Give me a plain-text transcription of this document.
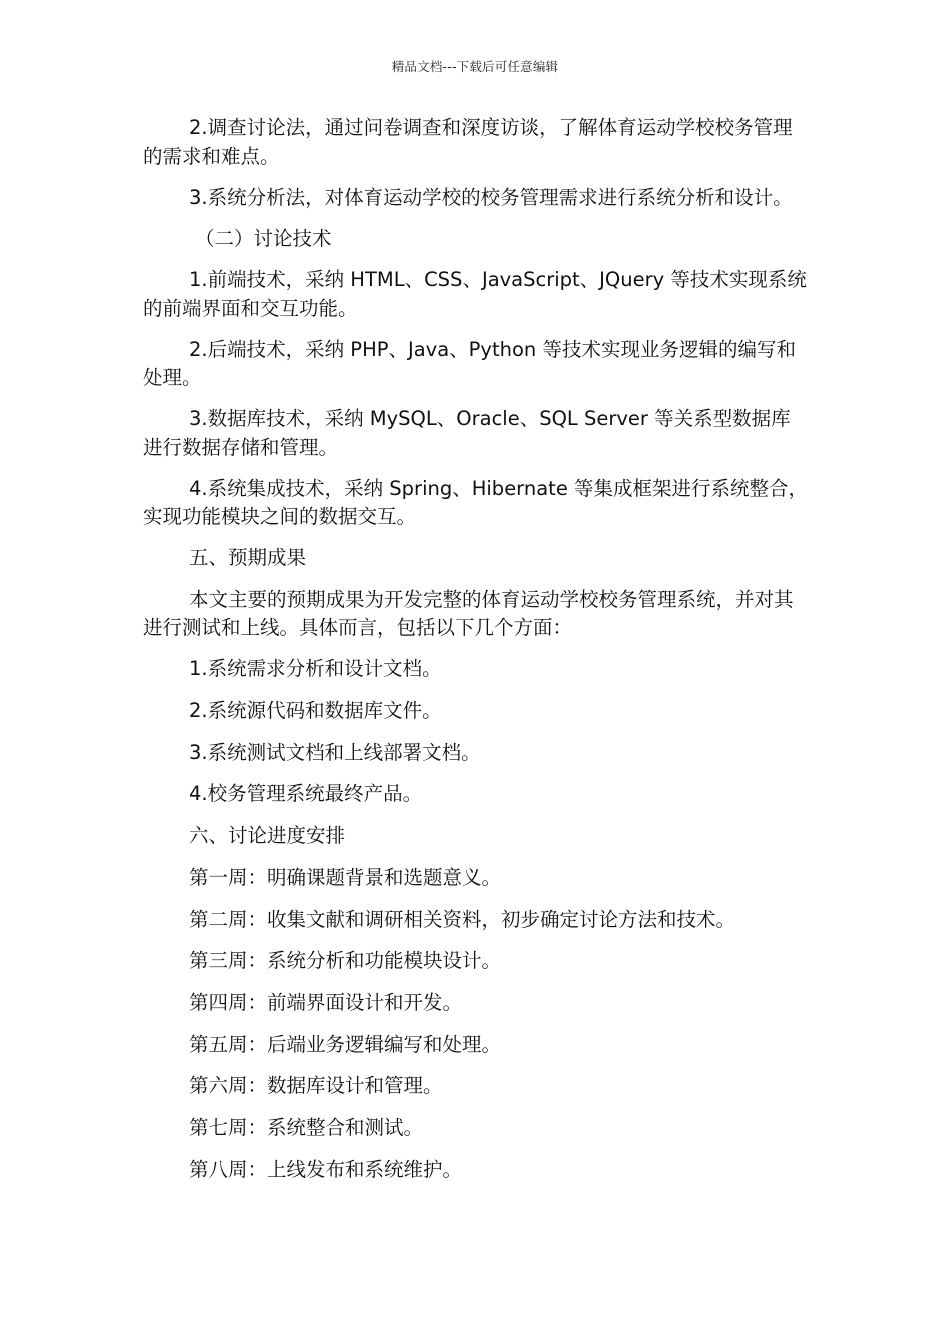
精品文档---下载后可任意编辑

2.调查讨论法，通过问卷调查和深度访谈，了解体育运动学校校务管理的需求和难点。

3.系统分析法，对体育运动学校的校务管理需求进行系统分析和设计。

（二）讨论技术

1.前端技术，采纳 HTML、CSS、JavaScript、JQuery 等技术实现系统的前端界面和交互功能。

2.后端技术，采纳 PHP、Java、Python 等技术实现业务逻辑的编写和处理。

3.数据库技术，采纳 MySQL、Oracle、SQL Server 等关系型数据库进行数据存储和管理。

4.系统集成技术，采纳 Spring、Hibernate 等集成框架进行系统整合，实现功能模块之间的数据交互。

五、预期成果

本文主要的预期成果为开发完整的体育运动学校校务管理系统，并对其进行测试和上线。具体而言，包括以下几个方面：

1.系统需求分析和设计文档。

2.系统源代码和数据库文件。

3.系统测试文档和上线部署文档。

4.校务管理系统最终产品。

六、讨论进度安排

第一周：明确课题背景和选题意义。

第二周：收集文献和调研相关资料，初步确定讨论方法和技术。

第三周：系统分析和功能模块设计。

第四周：前端界面设计和开发。

第五周：后端业务逻辑编写和处理。

第六周：数据库设计和管理。

第七周：系统整合和测试。

第八周：上线发布和系统维护。
